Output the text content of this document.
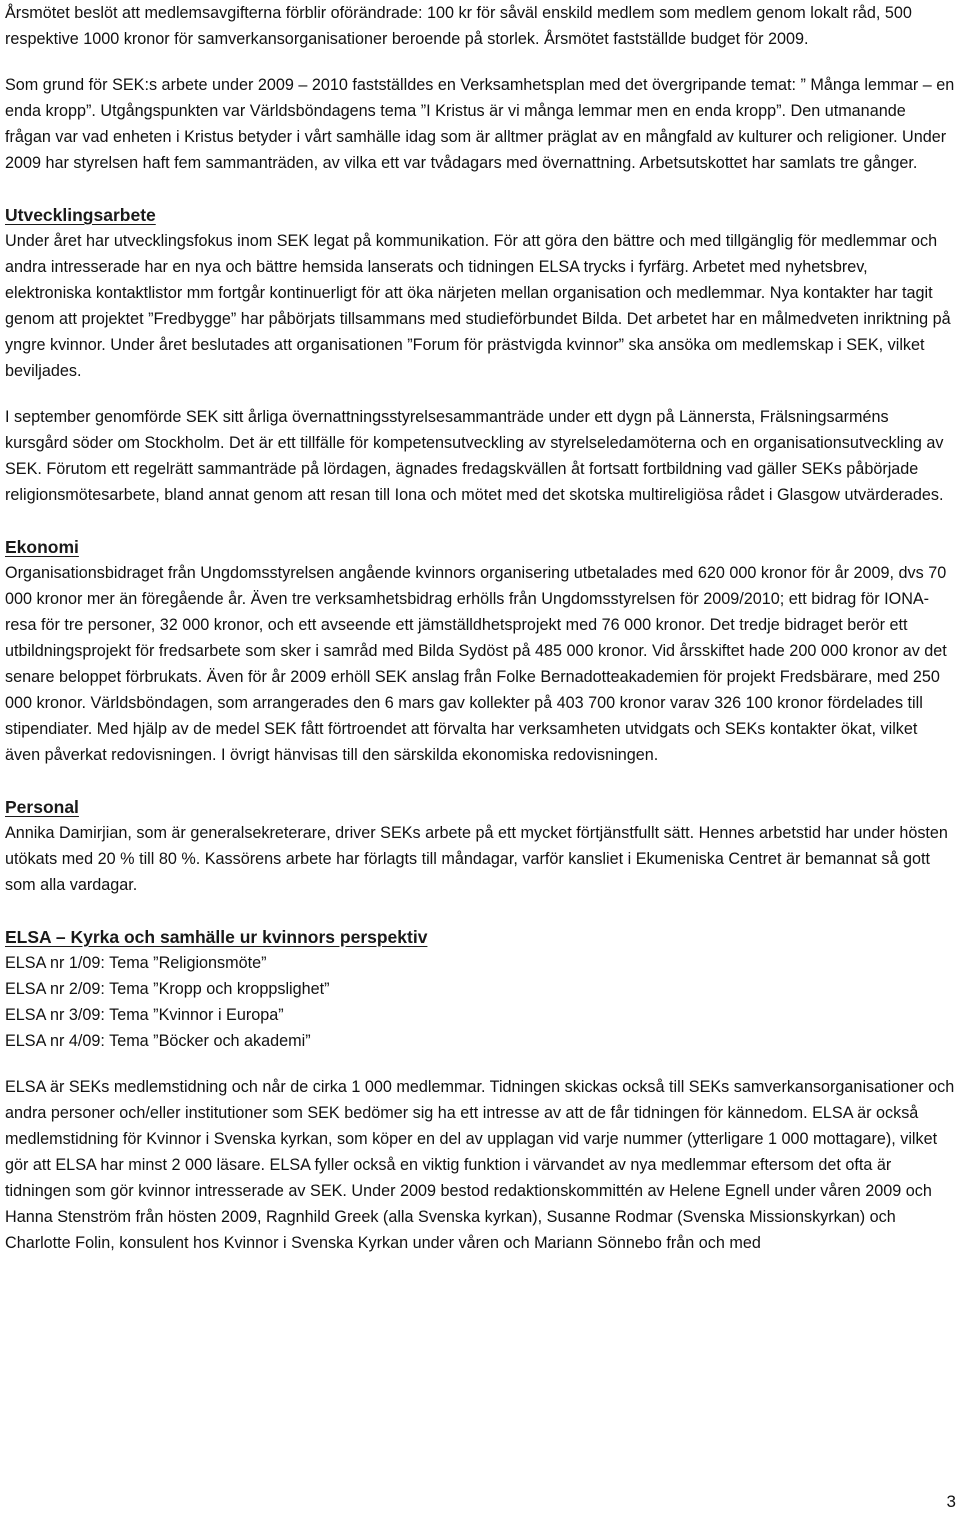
Årsmötet beslöt att medlemsavgifterna förblir oförändrade: 100 kr för såväl enskild medlem som medlem genom lokalt råd, 500 respektive 1000 kronor för samverkansorganisationer beroende på storlek. Årsmötet fastställde budget för 2009.

Som grund för SEK:s arbete under 2009 – 2010 fastställdes en Verksamhetsplan med det övergripande temat: ” Många lemmar – en enda kropp”. Utgångspunkten var Världsböndagens tema ”I Kristus är vi många lemmar men en enda kropp”. Den utmanande frågan var vad enheten i Kristus betyder i vårt samhälle idag som är alltmer präglat av en mångfald av kulturer och religioner. Under 2009 har styrelsen haft fem sammanträden, av vilka ett var tvådagars med övernattning. Arbetsutskottet har samlats tre gånger.

Utvecklingsarbete

Under året har utvecklingsfokus inom SEK legat på kommunikation. För att göra den bättre och med tillgänglig för medlemmar och andra intresserade har en nya och bättre hemsida lanserats och tidningen ELSA trycks i fyrfärg. Arbetet med nyhetsbrev, elektroniska kontaktlistor mm fortgår kontinuerligt för att öka närjeten mellan organisation och medlemmar. Nya kontakter har tagit genom att projektet ”Fredbygge” har påbörjats tillsammans med studieförbundet Bilda. Det arbetet har en målmedveten inriktning på yngre kvinnor. Under året beslutades att organisationen ”Forum för prästvigda kvinnor” ska ansöka om medlemskap i SEK, vilket beviljades.

I september genomförde SEK sitt årliga övernattningsstyrelsesammanträde under ett dygn på Lännersta, Frälsningsarméns kursgård söder om Stockholm. Det är ett tillfälle för kompetensutveckling av styrelseledamöterna och en organisationsutveckling av SEK. Förutom ett regelrätt sammanträde på lördagen, ägnades fredagskvällen åt fortsatt fortbildning vad gäller SEKs påbörjade religionsmötesarbete, bland annat genom att resan till Iona och mötet med det skotska multireligiösa rådet i Glasgow utvärderades.

Ekonomi

Organisationsbidraget från Ungdomsstyrelsen angående kvinnors organisering utbetalades med 620 000 kronor för år 2009, dvs 70 000 kronor mer än föregående år. Även tre verksamhetsbidrag erhölls från Ungdomsstyrelsen för 2009/2010; ett bidrag för IONA-resa för tre personer, 32 000 kronor, och ett avseende ett jämställdhetsprojekt med 76 000 kronor. Det tredje bidraget berör ett utbildningsprojekt för fredsarbete som sker i samråd med Bilda Sydöst på 485 000 kronor. Vid årsskiftet hade 200 000 kronor av det senare beloppet förbrukats. Även för år 2009 erhöll SEK anslag från Folke Bernadotteakademien för projekt Fredsbärare, med 250 000 kronor. Världsböndagen, som arrangerades den 6 mars gav kollekter på 403 700 kronor varav 326 100 kronor fördelades till stipendiater. Med hjälp av de medel SEK fått förtroendet att förvalta har verksamheten utvidgats och SEKs kontakter ökat, vilket även påverkat redovisningen. I övrigt hänvisas till den särskilda ekonomiska redovisningen.

Personal

Annika Damirjian, som är generalsekreterare, driver SEKs arbete på ett mycket förtjänstfullt sätt. Hennes arbetstid har under hösten utökats med 20 % till 80 %. Kassörens arbete har förlagts till måndagar, varför kansliet i Ekumeniska Centret är bemannat så gott som alla vardagar.

ELSA – Kyrka och samhälle ur kvinnors perspektiv

ELSA nr 1/09: Tema ”Religionsmöte”

ELSA nr 2/09: Tema ”Kropp och kroppslighet”

ELSA nr 3/09: Tema ”Kvinnor i Europa”

ELSA nr 4/09: Tema ”Böcker och akademi”

ELSA är SEKs medlemstidning och når de cirka 1 000 medlemmar. Tidningen skickas också till SEKs samverkansorganisationer och andra personer och/eller institutioner som SEK bedömer sig ha ett intresse av att de får tidningen för kännedom. ELSA är också medlemstidning för Kvinnor i Svenska kyrkan, som köper en del av upplagan vid varje nummer (ytterligare 1 000 mottagare), vilket gör att ELSA har minst 2 000 läsare. ELSA fyller också en viktig funktion i värvandet av nya medlemmar eftersom det ofta är tidningen som gör kvinnor intresserade av SEK. Under 2009 bestod redaktionskommittén av Helene Egnell under våren 2009 och Hanna Stenström från hösten 2009, Ragnhild Greek (alla Svenska kyrkan), Susanne Rodmar (Svenska Missionskyrkan) och Charlotte Folin, konsulent hos Kvinnor i Svenska Kyrkan under våren och Mariann Sönnebo från och med

3
